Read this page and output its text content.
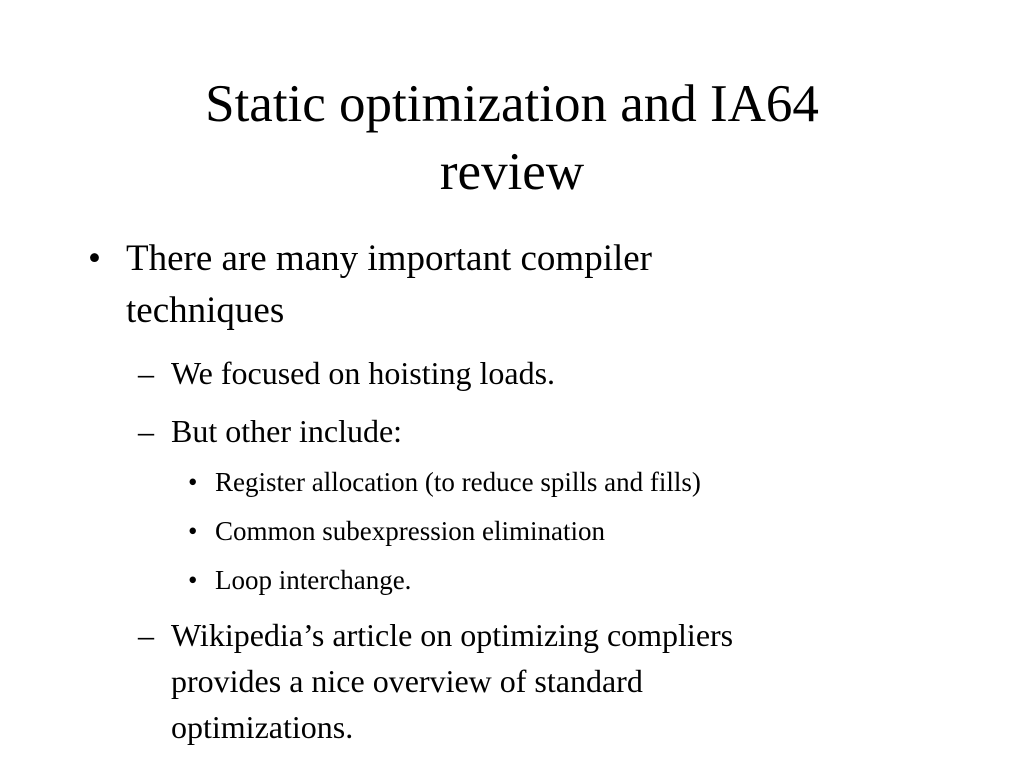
Static optimization and IA64
review
• There are many important compiler
techniques
– We focused on hoisting loads.
– But other include:
• Register allocation (to reduce spills and fills)
• Common subexpression elimination
• Loop interchange.
– Wikipedia’s article on optimizing compliers
provides a nice overview of standard
optimizations.
